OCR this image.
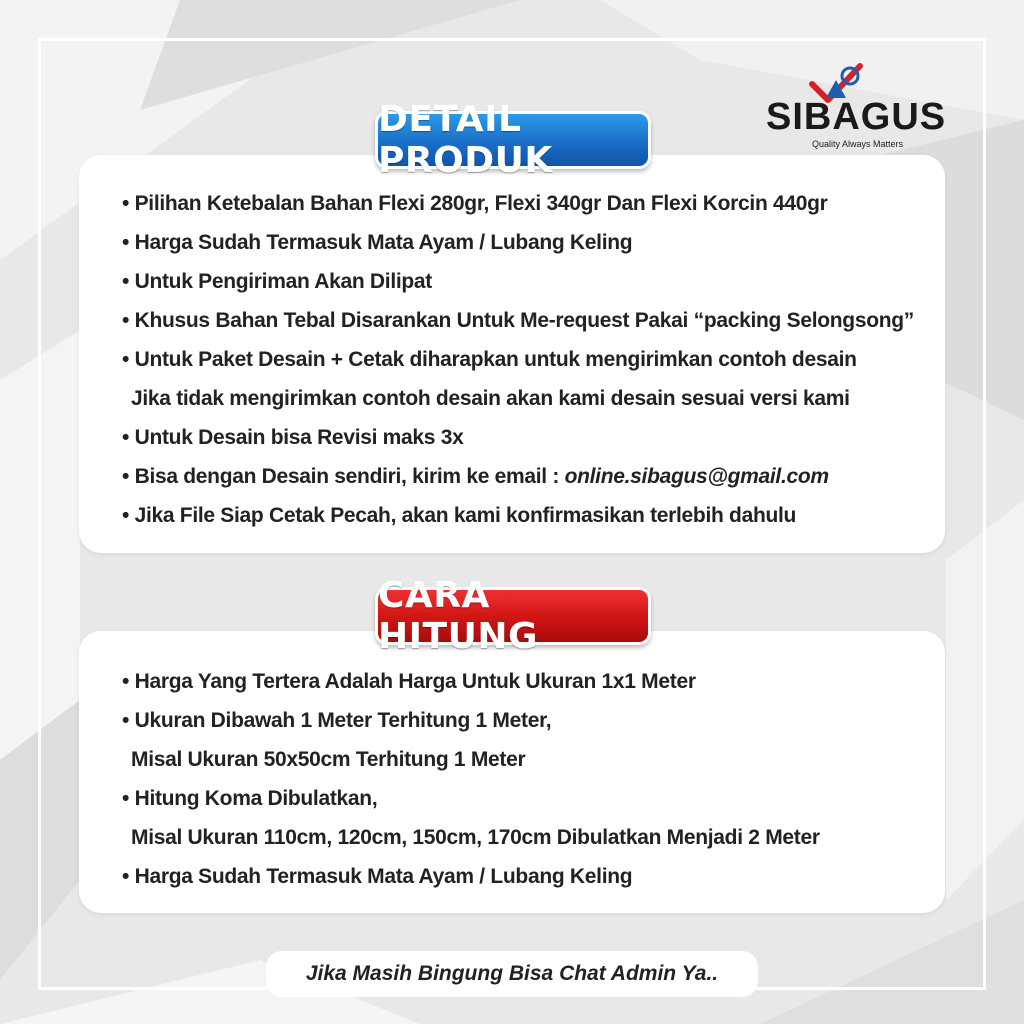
SIBAGUS
Quality Always Matters
DETAIL PRODUK
• Pilihan Ketebalan Bahan Flexi 280gr, Flexi 340gr Dan Flexi Korcin 440gr
• Harga Sudah Termasuk Mata Ayam / Lubang Keling
• Untuk Pengiriman Akan Dilipat
• Khusus Bahan Tebal Disarankan Untuk Me-request Pakai “packing Selongsong”
• Untuk Paket Desain + Cetak diharapkan untuk mengirimkan contoh desain
Jika tidak mengirimkan contoh desain akan kami desain sesuai versi kami
• Untuk Desain bisa Revisi maks 3x
• Bisa dengan Desain sendiri, kirim ke email : online.sibagus@gmail.com
• Jika File Siap Cetak Pecah, akan kami konfirmasikan terlebih dahulu
CARA HITUNG
• Harga Yang Tertera Adalah Harga Untuk Ukuran 1x1 Meter
• Ukuran Dibawah 1 Meter Terhitung 1 Meter,
Misal Ukuran 50x50cm Terhitung 1 Meter
• Hitung Koma Dibulatkan,
Misal Ukuran 110cm, 120cm, 150cm, 170cm Dibulatkan Menjadi 2 Meter
• Harga Sudah Termasuk Mata Ayam / Lubang Keling
Jika Masih Bingung Bisa Chat Admin Ya..
